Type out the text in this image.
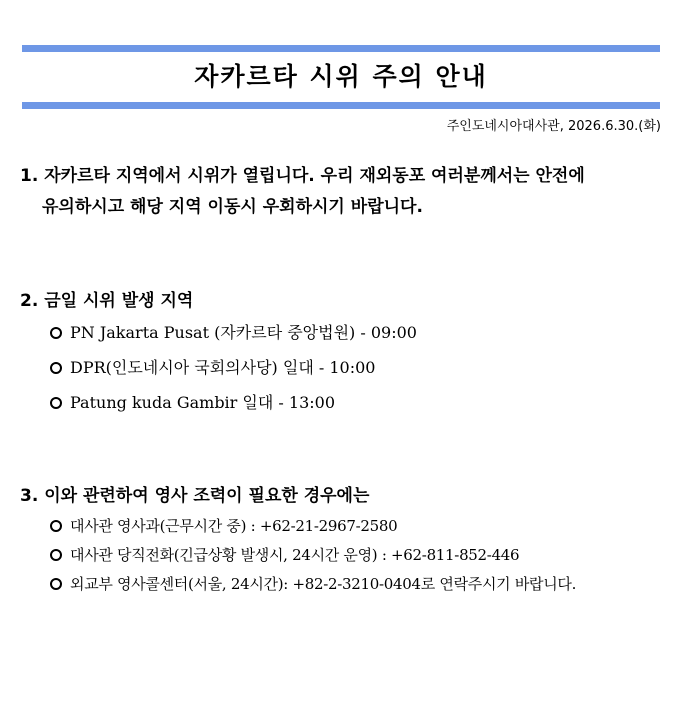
자카르타 시위 주의 안내
주인도네시아대사관, 2026.6.30.(화)
1. 자카르타 지역에서 시위가 열립니다. 우리 재외동포 여러분께서는 안전에
유의하시고 해당 지역 이동시 우회하시기 바랍니다.
2. 금일 시위 발생 지역
PN Jakarta Pusat (자카르타 중앙법원) - 09:00
DPR(인도네시아 국회의사당) 일대 - 10:00
Patung kuda Gambir 일대 - 13:00
3. 이와 관련하여 영사 조력이 필요한 경우에는
대사관 영사과(근무시간 중) : +62-21-2967-2580
대사관 당직전화(긴급상황 발생시, 24시간 운영) : +62-811-852-446
외교부 영사콜센터(서울, 24시간): +82-2-3210-0404로 연락주시기 바랍니다.
